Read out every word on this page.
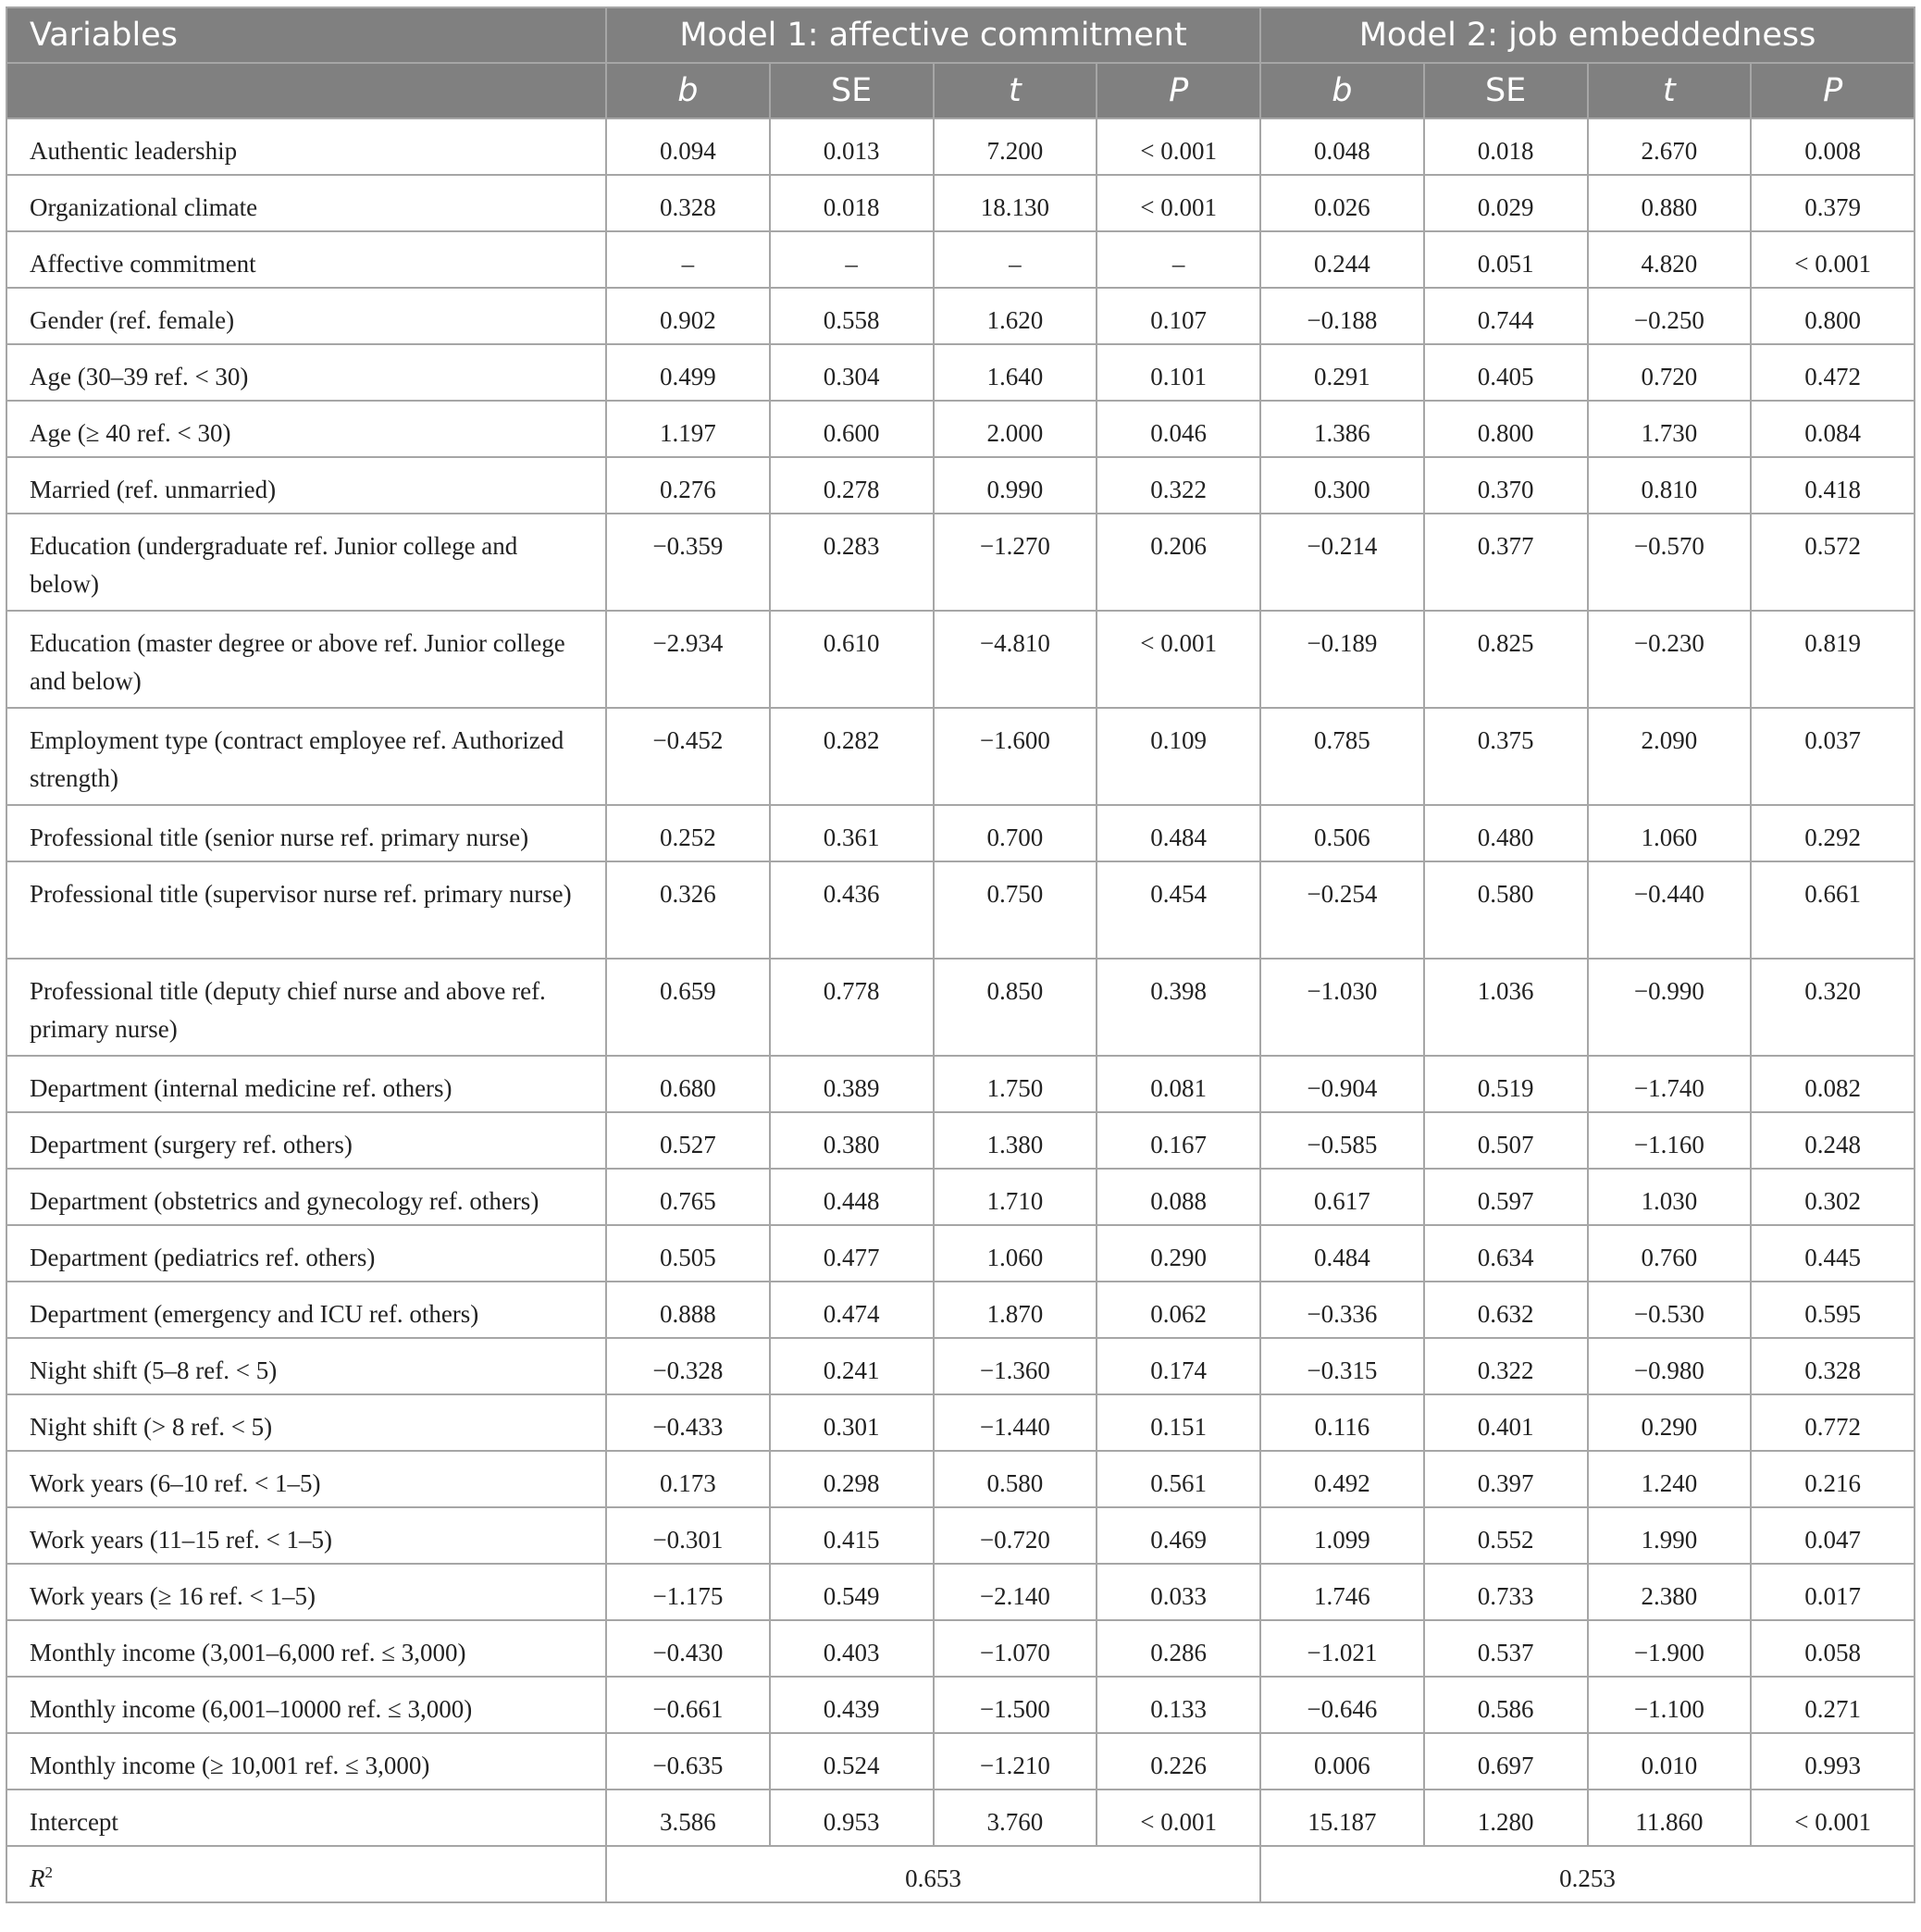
Variables	Model 1: affective commitment				Model 2: job embeddedness			
	b	SE	t	P	b	SE	t	P
Authentic leadership	0.094	0.013	7.200	< 0.001	0.048	0.018	2.670	0.008
Organizational climate	0.328	0.018	18.130	< 0.001	0.026	0.029	0.880	0.379
Affective commitment	–	–	–	–	0.244	0.051	4.820	< 0.001
Gender (ref. female)	0.902	0.558	1.620	0.107	−0.188	0.744	−0.250	0.800
Age (30–39 ref. < 30)	0.499	0.304	1.640	0.101	0.291	0.405	0.720	0.472
Age (≥ 40 ref. < 30)	1.197	0.600	2.000	0.046	1.386	0.800	1.730	0.084
Married (ref. unmarried)	0.276	0.278	0.990	0.322	0.300	0.370	0.810	0.418
Education (undergraduate ref. Junior college and below)	−0.359	0.283	−1.270	0.206	−0.214	0.377	−0.570	0.572
Education (master degree or above ref. Junior college and below)	−2.934	0.610	−4.810	< 0.001	−0.189	0.825	−0.230	0.819
Employment type (contract employee ref. Authorized strength)	−0.452	0.282	−1.600	0.109	0.785	0.375	2.090	0.037
Professional title (senior nurse ref. primary nurse)	0.252	0.361	0.700	0.484	0.506	0.480	1.060	0.292
Professional title (supervisor nurse ref. primary nurse)	0.326	0.436	0.750	0.454	−0.254	0.580	−0.440	0.661
Professional title (deputy chief nurse and above ref. primary nurse)	0.659	0.778	0.850	0.398	−1.030	1.036	−0.990	0.320
Department (internal medicine ref. others)	0.680	0.389	1.750	0.081	−0.904	0.519	−1.740	0.082
Department (surgery ref. others)	0.527	0.380	1.380	0.167	−0.585	0.507	−1.160	0.248
Department (obstetrics and gynecology ref. others)	0.765	0.448	1.710	0.088	0.617	0.597	1.030	0.302
Department (pediatrics ref. others)	0.505	0.477	1.060	0.290	0.484	0.634	0.760	0.445
Department (emergency and ICU ref. others)	0.888	0.474	1.870	0.062	−0.336	0.632	−0.530	0.595
Night shift (5–8 ref. < 5)	−0.328	0.241	−1.360	0.174	−0.315	0.322	−0.980	0.328
Night shift (> 8 ref. < 5)	−0.433	0.301	−1.440	0.151	0.116	0.401	0.290	0.772
Work years (6–10 ref. < 1–5)	0.173	0.298	0.580	0.561	0.492	0.397	1.240	0.216
Work years (11–15 ref. < 1–5)	−0.301	0.415	−0.720	0.469	1.099	0.552	1.990	0.047
Work years (≥ 16 ref. < 1–5)	−1.175	0.549	−2.140	0.033	1.746	0.733	2.380	0.017
Monthly income (3,001–6,000 ref. ≤ 3,000)	−0.430	0.403	−1.070	0.286	−1.021	0.537	−1.900	0.058
Monthly income (6,001–10000 ref. ≤ 3,000)	−0.661	0.439	−1.500	0.133	−0.646	0.586	−1.100	0.271
Monthly income (≥ 10,001 ref. ≤ 3,000)	−0.635	0.524	−1.210	0.226	0.006	0.697	0.010	0.993
Intercept	3.586	0.953	3.760	< 0.001	15.187	1.280	11.860	< 0.001
$R^2$	0.653				0.253			
